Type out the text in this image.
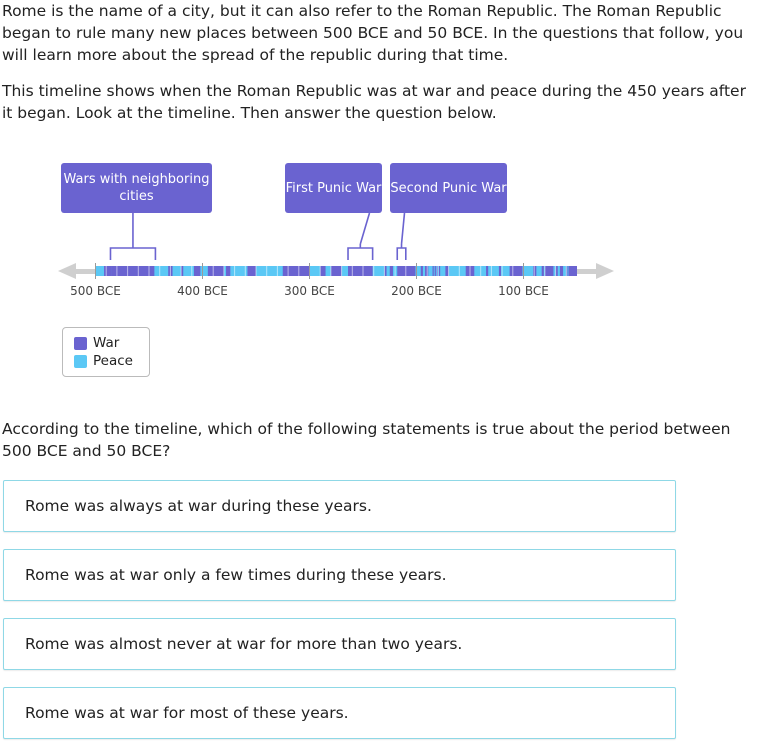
Rome is the name of a city, but it can also refer to the Roman Republic. The Roman Republic began to rule many new places between 500 BCE and 50 BCE. In the questions that follow, you will learn more about the spread of the republic during that time.

This timeline shows when the Roman Republic was at war and peace during the 450 years after it began. Look at the timeline. Then answer the question below.

Wars with neighboring cities
First Punic War Second Punic War
500 BCE	400 BCE	300 BCE	200 BCE	100 BCE
War
Peace

According to the timeline, which of the following statements is true about the period between 500 BCE and 50 BCE?

Rome was always at war during these years.
Rome was at war only a few times during these years.
Rome was almost never at war for more than two years.
Rome was at war for most of these years.
